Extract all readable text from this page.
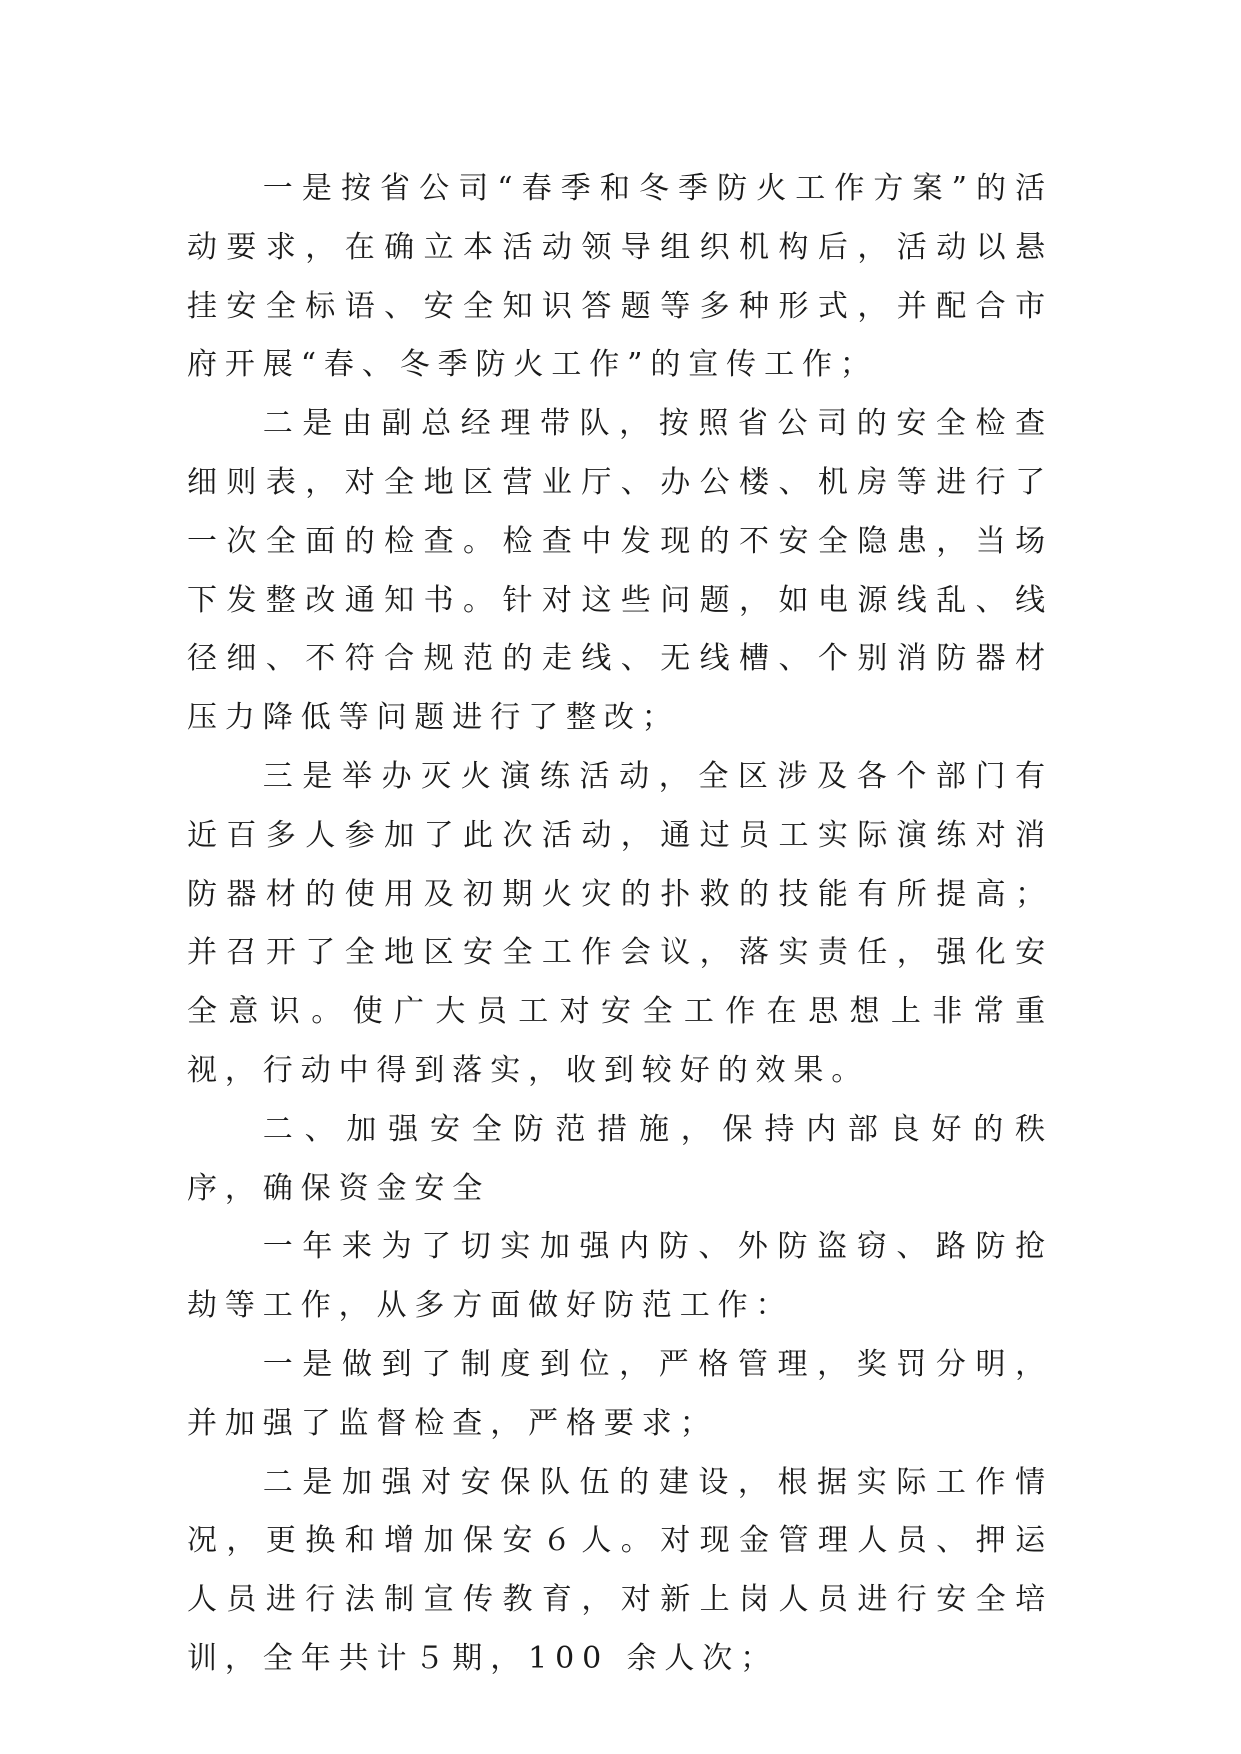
一是按省公司“春季和冬季防火工作方案”的活动要求，在确立本活动领导组织机构后，活动以悬挂安全标语、安全知识答题等多种形式，并配合市府开展“春、冬季防火工作”的宣传工作；

二是由副总经理带队，按照省公司的安全检查细则表，对全地区营业厅、办公楼、机房等进行了一次全面的检查。检查中发现的不安全隐患，当场下发整改通知书。针对这些问题，如电源线乱、线径细、不符合规范的走线、无线槽、个别消防器材压力降低等问题进行了整改；

三是举办灭火演练活动，全区涉及各个部门有近百多人参加了此次活动，通过员工实际演练对消防器材的使用及初期火灾的扑救的技能有所提高；并召开了全地区安全工作会议，落实责任，强化安全意识。使广大员工对安全工作在思想上非常重视，行动中得到落实，收到较好的效果。

二、加强安全防范措施，保持内部良好的秩序，确保资金安全

一年来为了切实加强内防、外防盗窃、路防抢劫等工作，从多方面做好防范工作：

一是做到了制度到位，严格管理，奖罚分明，并加强了监督检查，严格要求；

二是加强对安保队伍的建设，根据实际工作情况，更换和增加保安６人。对现金管理人员、押运人员进行法制宣传教育，对新上岗人员进行安全培训，全年共计５期，100 余人次；
